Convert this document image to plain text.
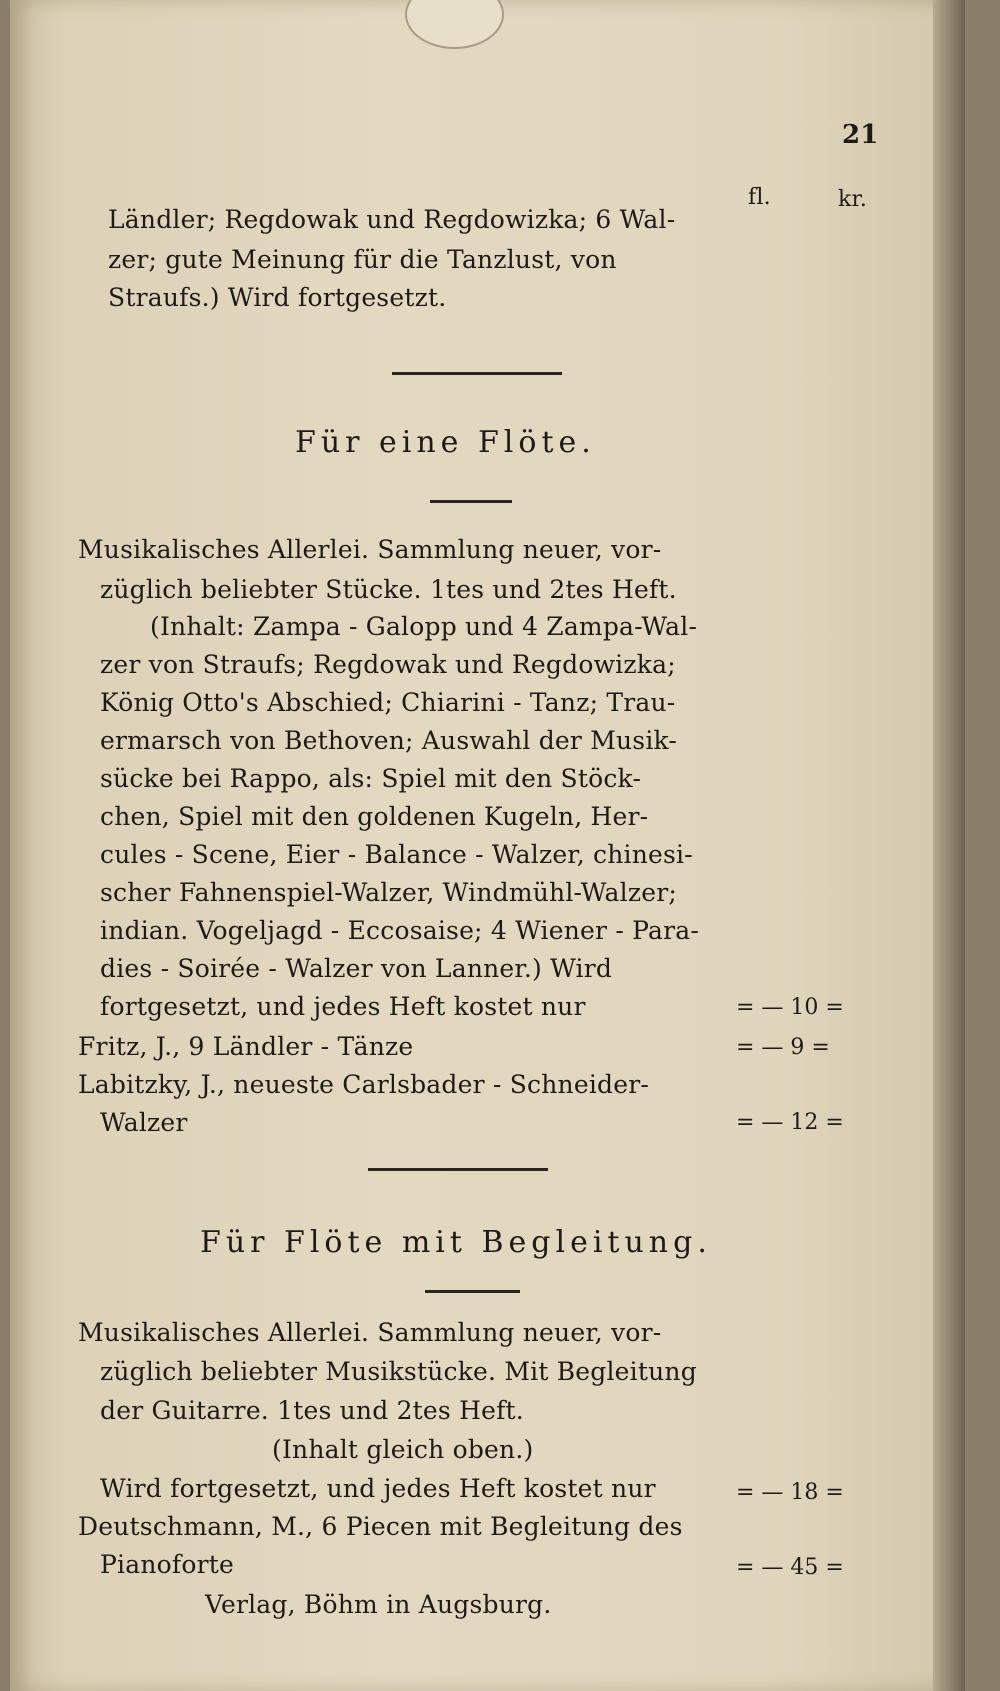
21
fl.	kr.
Ländler; Regdowak und Regdowizka; 6 Wal-
zer; gute Meinung für die Tanzlust, von
Straufs.) Wird fortgesetzt.
Für eine Flöte.
Musikalisches Allerlei. Sammlung neuer, vor-
züglich beliebter Stücke. 1tes und 2tes Heft.
(Inhalt: Zampa - Galopp und 4 Zampa-Wal-
zer von Straufs; Regdowak und Regdowizka;
König Otto's Abschied; Chiarini - Tanz; Trau-
ermarsch von Bethoven; Auswahl der Musik-
sücke bei Rappo, als: Spiel mit den Stöck-
chen, Spiel mit den goldenen Kugeln, Her-
cules - Scene, Eier - Balance - Walzer, chinesi-
scher Fahnenspiel-Walzer, Windmühl-Walzer;
indian. Vogeljagd - Eccosaise; 4 Wiener - Para-
dies - Soirée - Walzer von Lanner.) Wird
fortgesetzt, und jedes Heft kostet nur	= — 10 =
Fritz, J., 9 Ländler - Tänze	= — 9 =
Labitzky, J., neueste Carlsbader - Schneider-
Walzer	= — 12 =
Für Flöte mit Begleitung.
Musikalisches Allerlei. Sammlung neuer, vor-
züglich beliebter Musikstücke. Mit Begleitung
der Guitarre. 1tes und 2tes Heft.
(Inhalt gleich oben.)
Wird fortgesetzt, und jedes Heft kostet nur	= — 18 =
Deutschmann, M., 6 Piecen mit Begleitung des
Pianoforte	= — 45 =
Verlag, Böhm in Augsburg.
